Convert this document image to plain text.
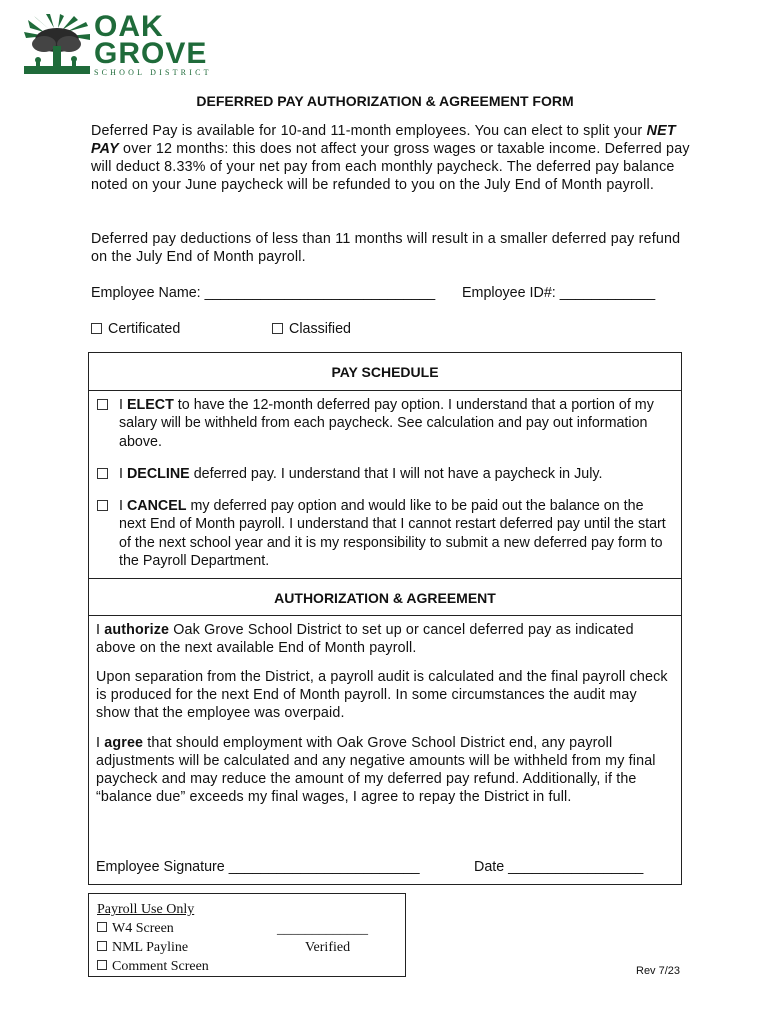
OAK
GROVE
SCHOOL DISTRICT
DEFERRED PAY AUTHORIZATION & AGREEMENT FORM
Deferred Pay is available for 10-and 11-month employees. You can elect to split your NET PAY over 12 months: this does not affect your gross wages or taxable income. Deferred pay will deduct 8.33% of your net pay from each monthly paycheck. The deferred pay balance noted on your June paycheck will be refunded to you on the July End of Month payroll.
Deferred pay deductions of less than 11 months will result in a smaller deferred pay refund on the July End of Month payroll.
Employee Name: _____________________________ Employee ID#: ____________
Certificated	Classified
PAY SCHEDULE
I ELECT to have the 12-month deferred pay option. I understand that a portion of my salary will be withheld from each paycheck. See calculation and pay out information above.
I DECLINE deferred pay. I understand that I will not have a paycheck in July.
I CANCEL my deferred pay option and would like to be paid out the balance on the next End of Month payroll. I understand that I cannot restart deferred pay until the start of the next school year and it is my responsibility to submit a new deferred pay form to the Payroll Department.
AUTHORIZATION & AGREEMENT
I authorize Oak Grove School District to set up or cancel deferred pay as indicated above on the next available End of Month payroll.
Upon separation from the District, a payroll audit is calculated and the final payroll check is produced for the next End of Month payroll. In some circumstances the audit may show that the employee was overpaid.
I agree that should employment with Oak Grove School District end, any payroll adjustments will be calculated and any negative amounts will be withheld from my final paycheck and may reduce the amount of my deferred pay refund. Additionally, if the “balance due” exceeds my final wages, I agree to repay the District in full.
Employee Signature ________________________	Date _________________
Payroll Use Only
W4 Screen
NML Payline
Comment Screen
_____________
Verified
Rev 7/23
